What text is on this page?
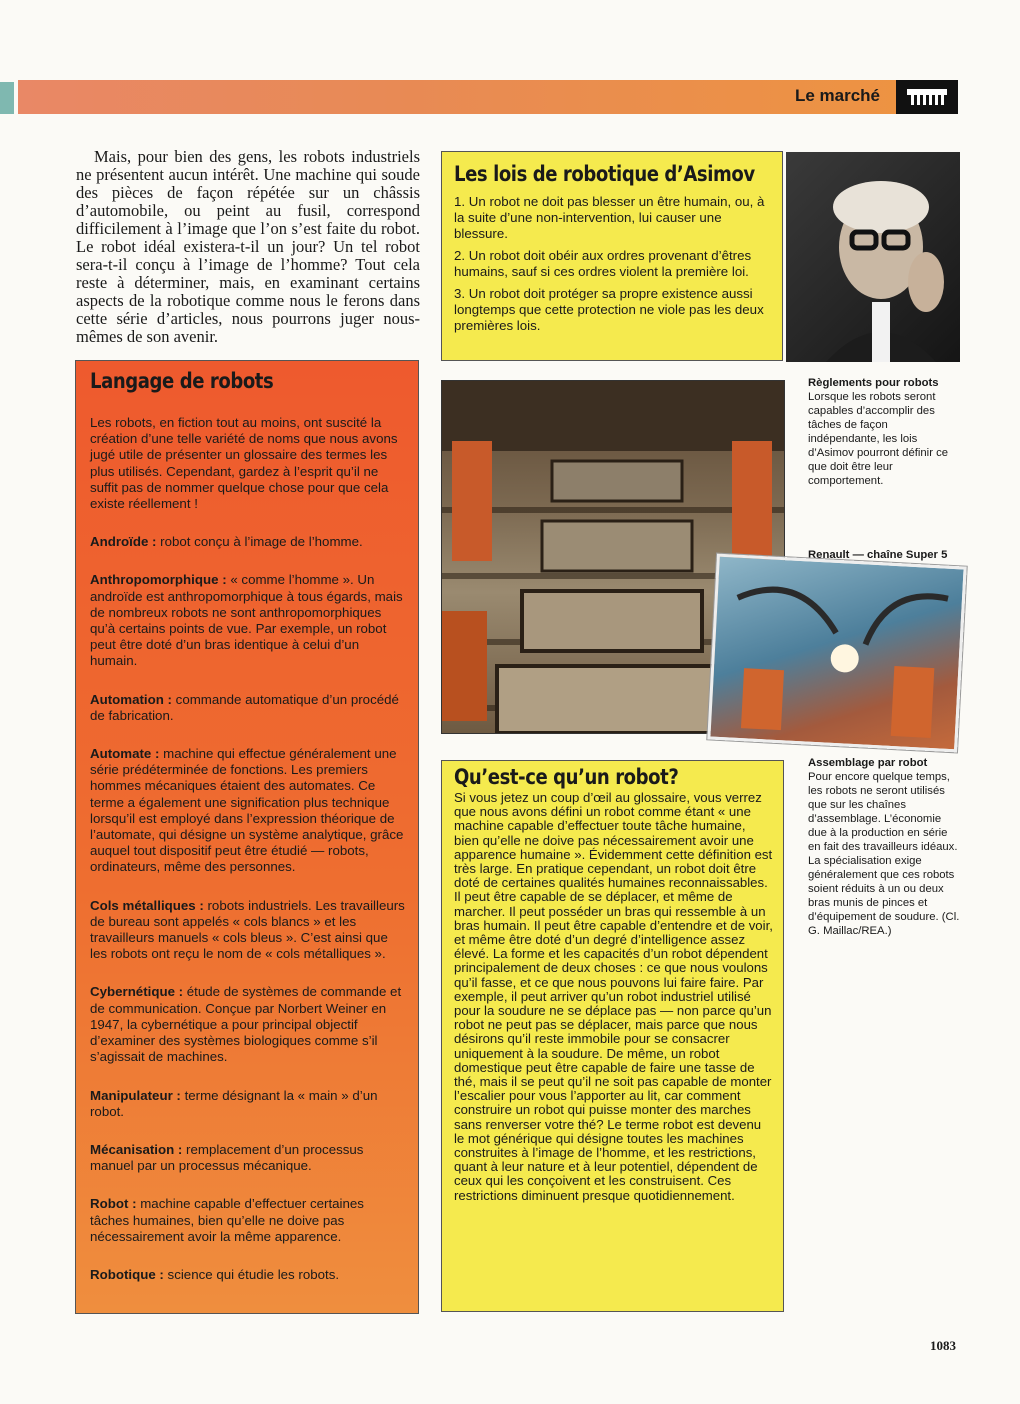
Le marché

Mais, pour bien des gens, les robots industriels ne présentent aucun intérêt. Une machine qui soude des pièces de façon répétée sur un châssis d’automobile, ou peint au fusil, correspond difficilement à l’image que l’on s’est faite du robot. Le robot idéal existera-t-il un jour? Un tel robot sera-t-il conçu à l’image de l’homme? Tout cela reste à déterminer, mais, en examinant certains aspects de la robotique comme nous le ferons dans cette série d’articles, nous pourrons juger nous-mêmes de son avenir.

Les lois de robotique d’Asimov

1. Un robot ne doit pas blesser un être humain, ou, à la suite d’une non-intervention, lui causer une blessure.

2. Un robot doit obéir aux ordres provenant d’êtres humains, sauf si ces ordres violent la première loi.

3. Un robot doit protéger sa propre existence aussi longtemps que cette protection ne viole pas les deux premières lois.

Règlements pour robots
Lorsque les robots seront capables d’accomplir des tâches de façon indépendante, les lois d’Asimov pourront définir ce que doit être leur comportement.
Renault — chaîne Super 5
Langage de robots

Les robots, en fiction tout au moins, ont suscité la création d’une telle variété de noms que nous avons jugé utile de présenter un glossaire des termes les plus utilisés. Cependant, gardez à l’esprit qu’il ne suffit pas de nommer quelque chose pour que cela existe réellement !

Androïde : robot conçu à l’image de l’homme.

Anthropomorphique : « comme l’homme ». Un androïde est anthropomorphique à tous égards, mais de nombreux robots ne sont anthropomorphiques qu’à certains points de vue. Par exemple, un robot peut être doté d’un bras identique à celui d’un humain.

Automation : commande automatique d’un procédé de fabrication.

Automate : machine qui effectue généralement une série prédéterminée de fonctions. Les premiers hommes mécaniques étaient des automates. Ce terme a également une signification plus technique lorsqu’il est employé dans l’expression théorique de l’automate, qui désigne un système analytique, grâce auquel tout dispositif peut être étudié — robots, ordinateurs, même des personnes.

Cols métalliques : robots industriels. Les travailleurs de bureau sont appelés « cols blancs » et les travailleurs manuels « cols bleus ». C’est ainsi que les robots ont reçu le nom de « cols métalliques ».

Cybernétique : étude de systèmes de commande et de communication. Conçue par Norbert Weiner en 1947, la cybernétique a pour principal objectif d’examiner des systèmes biologiques comme s’il s’agissait de machines.

Manipulateur : terme désignant la « main » d’un robot.

Mécanisation : remplacement d’un processus manuel par un processus mécanique.

Robot : machine capable d’effectuer certaines tâches humaines, bien qu’elle ne doive pas nécessairement avoir la même apparence.

Robotique : science qui étudie les robots.

Assemblage par robot
Pour encore quelque temps, les robots ne seront utilisés que sur les chaînes d’assemblage. L’économie due à la production en série en fait des travailleurs idéaux. La spécialisation exige généralement que ces robots soient réduits à un ou deux bras munis de pinces et d’équipement de soudure. (Cl. G. Maillac/REA.)
Qu’est-ce qu’un robot?

Si vous jetez un coup d’œil au glossaire, vous verrez que nous avons défini un robot comme étant « une machine capable d’effectuer toute tâche humaine, bien qu’elle ne doive pas nécessairement avoir une apparence humaine ». Évidemment cette définition est très large. En pratique cependant, un robot doit être doté de certaines qualités humaines reconnaissables. Il peut être capable de se déplacer, et même de marcher. Il peut posséder un bras qui ressemble à un bras humain. Il peut être capable d’entendre et de voir, et même être doté d’un degré d’intelligence assez élevé. La forme et les capacités d’un robot dépendent principalement de deux choses : ce que nous voulons qu’il fasse, et ce que nous pouvons lui faire faire. Par exemple, il peut arriver qu’un robot industriel utilisé pour la soudure ne se déplace pas — non parce qu’un robot ne peut pas se déplacer, mais parce que nous désirons qu’il reste immobile pour se consacrer uniquement à la soudure. De même, un robot domestique peut être capable de faire une tasse de thé, mais il se peut qu’il ne soit pas capable de monter l’escalier pour vous l’apporter au lit, car comment construire un robot qui puisse monter des marches sans renverser votre thé? Le terme robot est devenu le mot générique qui désigne toutes les machines construites à l’image de l’homme, et les restrictions, quant à leur nature et à leur potentiel, dépendent de ceux qui les conçoivent et les construisent. Ces restrictions diminuent presque quotidiennement.

1083
